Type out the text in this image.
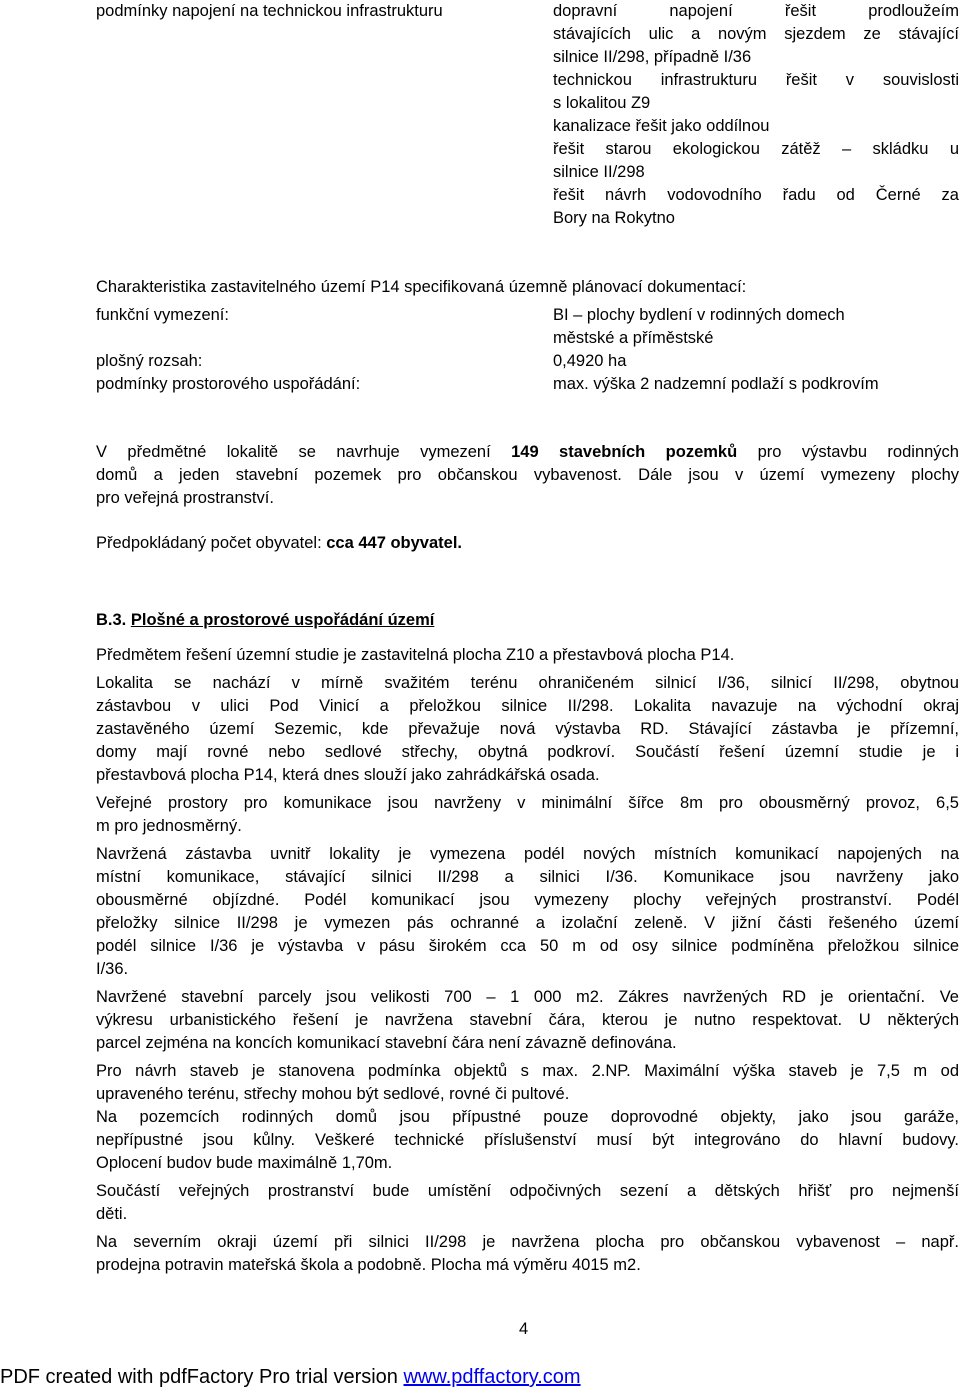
podmínky napojení na technickou infrastrukturu	dopravní napojení řešit prodloužeím
stávajících ulic a novým sjezdem ze stávající
silnice II/298, případně I/36
technickou infrastrukturu řešit v souvislosti
s lokalitou Z9
kanalizace řešit jako oddílnou
řešit starou ekologickou zátěž – skládku u
silnice II/298
řešit návrh vodovodního řadu od Černé za
Bory na Rokytno
Charakteristika zastavitelného území P14 specifikovaná územně plánovací dokumentací:
funkční vymezení:	BI – plochy bydlení v rodinných domech
městské a příměstské
plošný rozsah:	0,4920 ha
podmínky prostorového uspořádání:	max. výška 2 nadzemní podlaží s podkrovím
V předmětné lokalitě se navrhuje vymezení 149 stavebních pozemků pro výstavbu rodinných
domů a jeden stavební pozemek pro občanskou vybavenost. Dále jsou v území vymezeny plochy
pro veřejná prostranství.
Předpokládaný počet obyvatel: cca 447 obyvatel.
B.3. Plošné a prostorové uspořádání území
Předmětem řešení územní studie je zastavitelná plocha Z10 a přestavbová plocha P14.
Lokalita se nachází v mírně svažitém terénu ohraničeném silnicí I/36, silnicí II/298, obytnou
zástavbou v ulici Pod Vinicí a přeložkou silnice II/298. Lokalita navazuje na východní okraj
zastavěného území Sezemic, kde převažuje nová výstavba RD. Stávající zástavba je přízemní,
domy mají rovné nebo sedlové střechy, obytná podkroví. Součástí řešení územní studie je i
přestavbová plocha P14, která dnes slouží jako zahrádkářská osada.
Veřejné prostory pro komunikace jsou navrženy v minimální šířce 8m pro obousměrný provoz, 6,5
m pro jednosměrný.
Navržená zástavba uvnitř lokality je vymezena podél nových místních komunikací napojených na
místní komunikace, stávající silnici II/298 a silnici I/36. Komunikace jsou navrženy jako
obousměrné objízdné. Podél komunikací jsou vymezeny plochy veřejných prostranství. Podél
přeložky silnice II/298 je vymezen pás ochranné a izolační zeleně. V jižní části řešeného území
podél silnice I/36 je výstavba v pásu širokém cca 50 m od osy silnice podmíněna přeložkou silnice
I/36.
Navržené stavební parcely jsou velikosti 700 – 1 000 m2. Zákres navržených RD je orientační. Ve
výkresu urbanistického řešení je navržena stavební čára, kterou je nutno respektovat. U některých
parcel zejména na koncích komunikací stavební čára není závazně definována.
Pro návrh staveb je stanovena podmínka objektů s max. 2.NP. Maximální výška staveb je 7,5 m od
upraveného terénu, střechy mohou být sedlové, rovné či pultové.
Na pozemcích rodinných domů jsou přípustné pouze doprovodné objekty, jako jsou garáže,
nepřípustné jsou kůlny. Veškeré technické příslušenství musí být integrováno do hlavní budovy.
Oplocení budov bude maximálně 1,70m.
Součástí veřejných prostranství bude umístění odpočivných sezení a dětských hřišť pro nejmenší
děti.
Na severním okraji území při silnici II/298 je navržena plocha pro občanskou vybavenost – např.
prodejna potravin mateřská škola a podobně. Plocha má výměru 4015 m2.
4
PDF created with pdfFactory Pro trial version www.pdffactory.com
